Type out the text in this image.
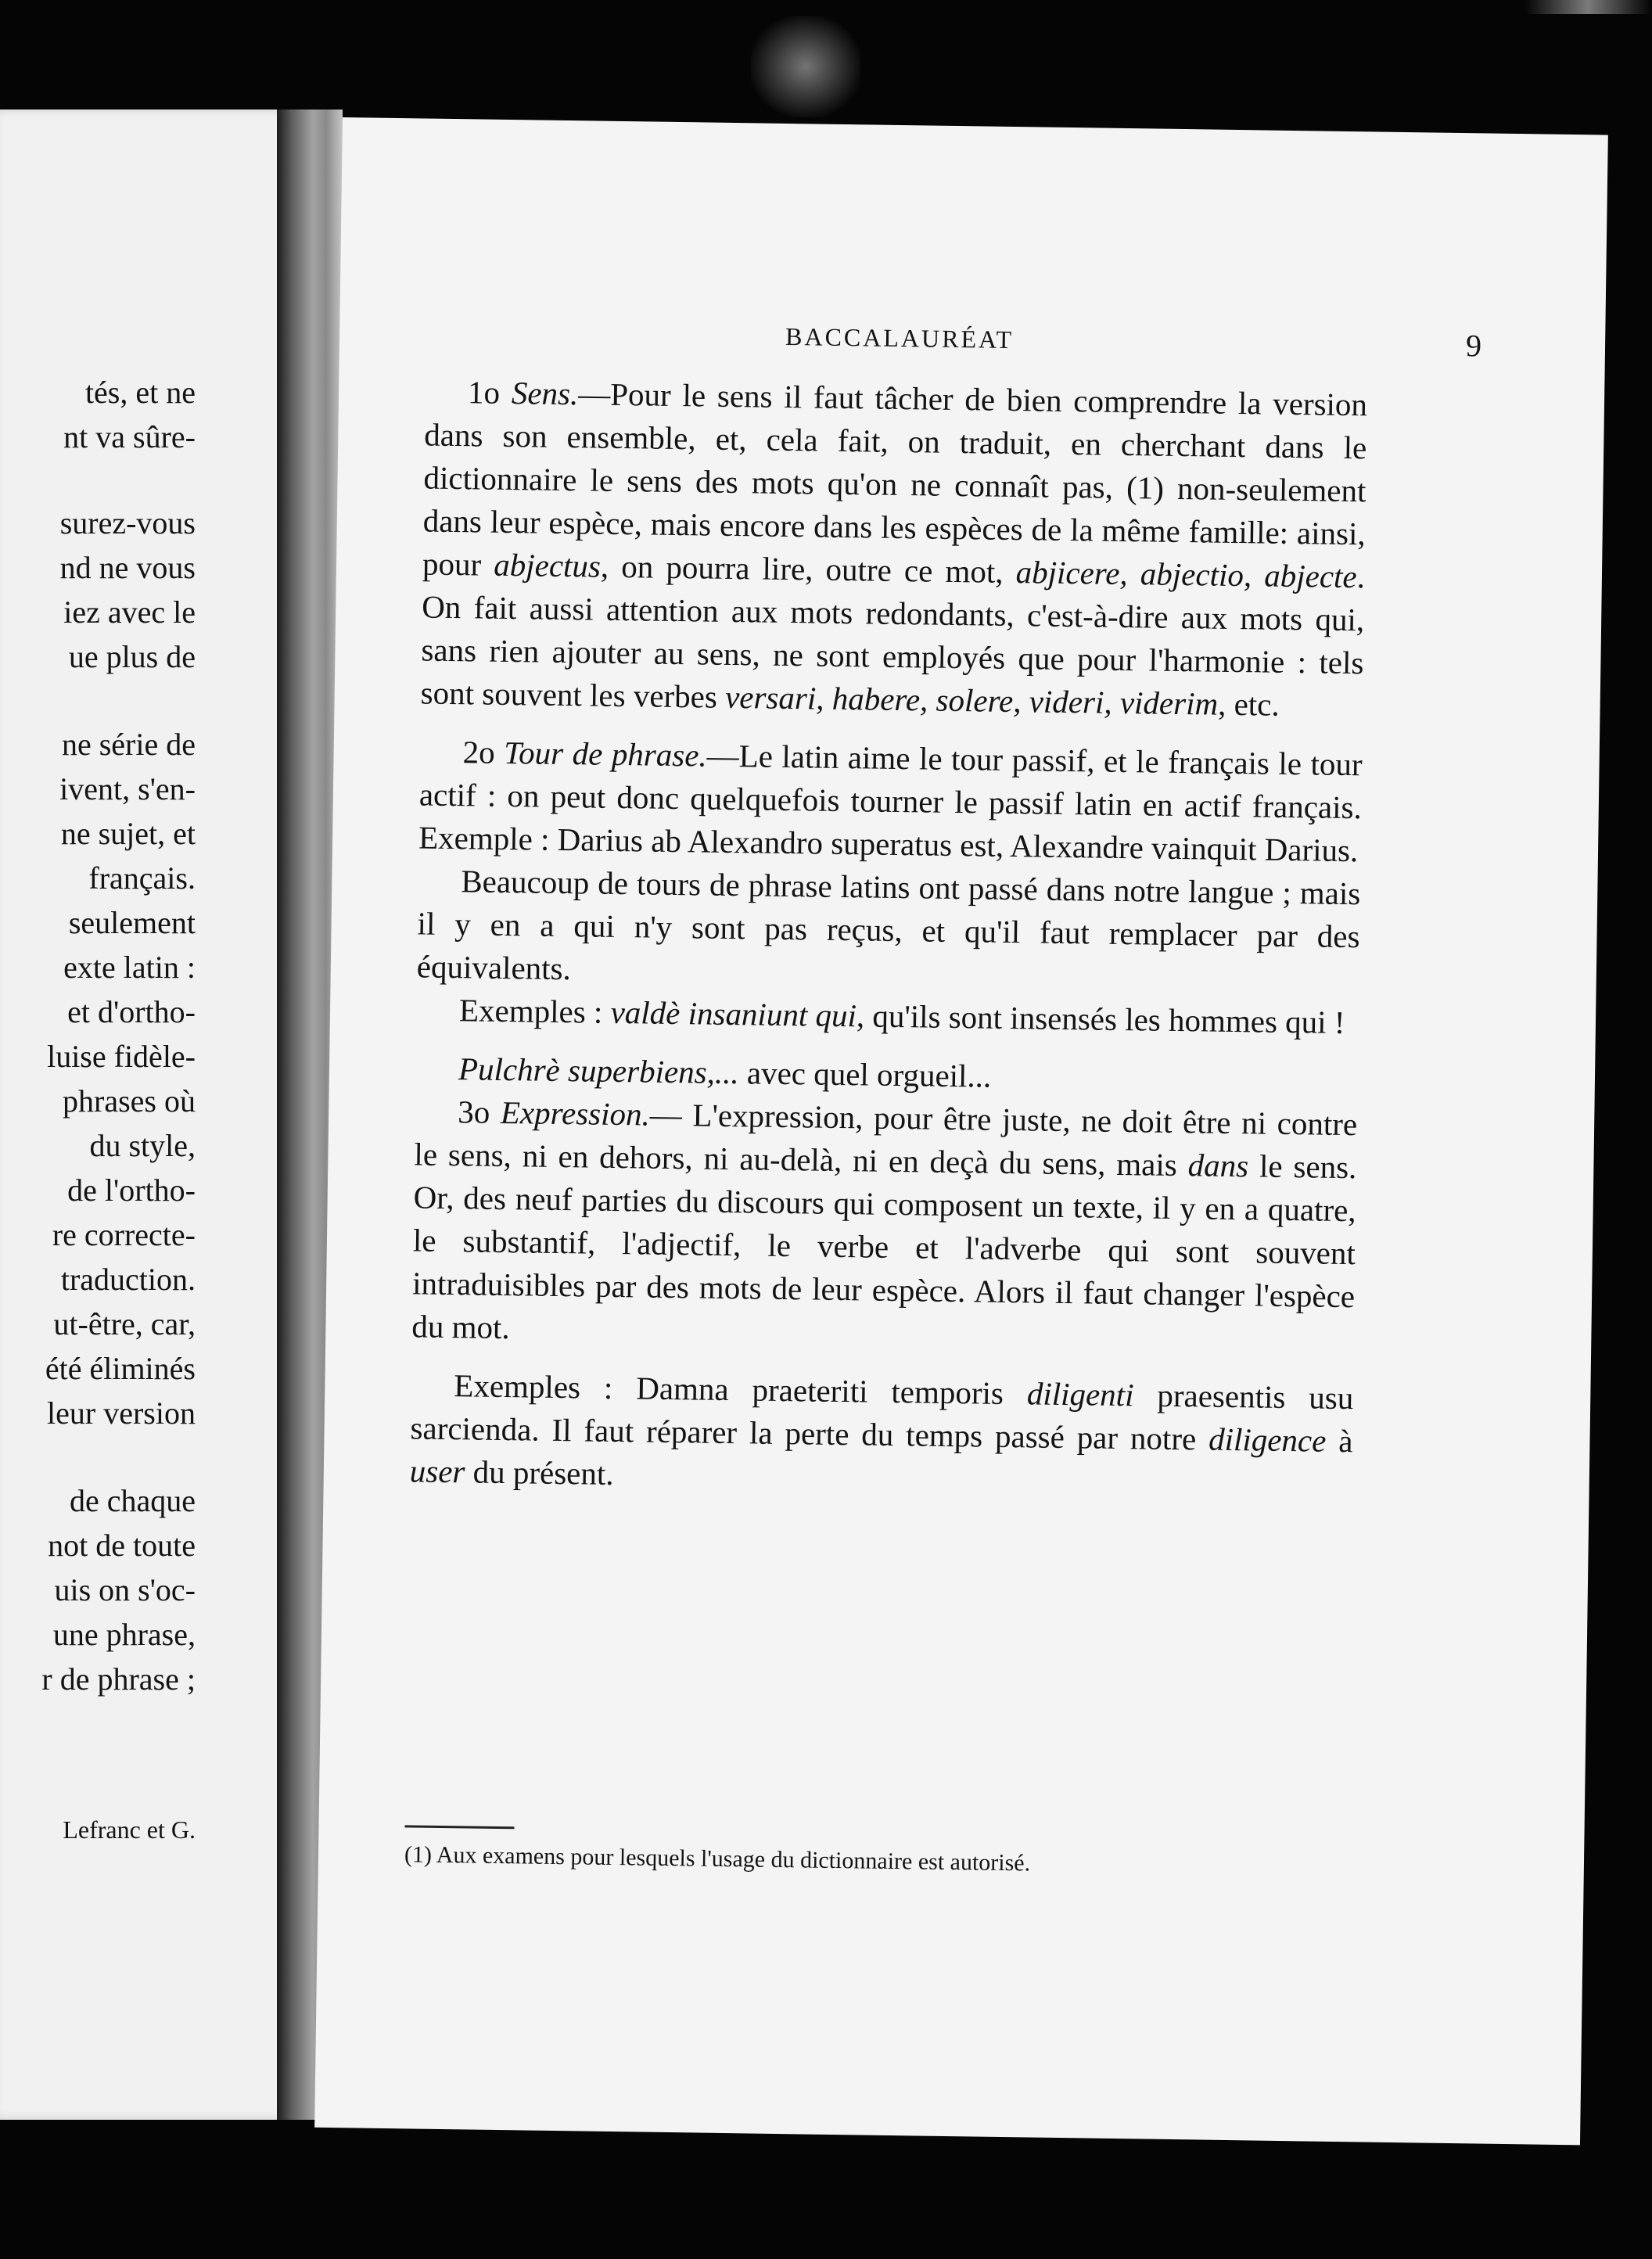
tés, et ne
nt va sûre-
surez-vous
nd ne vous
iez avec le
ue plus de
ne série de
ivent, s'en-
ne sujet, et
français.
seulement
exte latin :
et d'ortho-
luise fidèle-
phrases où
du style,
de l'ortho-
re correcte-
traduction.
ut-être, car,
été éliminés
leur version
de chaque
not de toute
uis on s'oc-
une phrase,
r de phrase ;
Lefranc et G.
BACCALAURÉAT	9

1o Sens.—Pour le sens il faut tâcher de bien comprendre la version dans son ensemble, et, cela fait, on traduit, en cherchant dans le dictionnaire le sens des mots qu'on ne connaît pas, (1) non-seulement dans leur espèce, mais encore dans les espèces de la même famille: ainsi, pour abjectus, on pourra lire, outre ce mot, abjicere, abjectio, abjecte. On fait aussi attention aux mots redondants, c'est-à-dire aux mots qui, sans rien ajouter au sens, ne sont employés que pour l'harmonie : tels sont souvent les verbes versari, habere, solere, videri, viderim, etc.

2o Tour de phrase.—Le latin aime le tour passif, et le français le tour actif : on peut donc quelquefois tourner le passif latin en actif français. Exemple : Darius ab Alexandro superatus est, Alexandre vainquit Darius.

Beaucoup de tours de phrase latins ont passé dans notre langue ; mais il y en a qui n'y sont pas reçus, et qu'il faut remplacer par des équivalents.

Exemples : valdè insaniunt qui, qu'ils sont insensés les hommes qui !

Pulchrè superbiens,... avec quel orgueil...

3o Expression.— L'expression, pour être juste, ne doit être ni contre le sens, ni en dehors, ni au-delà, ni en deçà du sens, mais dans le sens. Or, des neuf parties du discours qui composent un texte, il y en a quatre, le substantif, l'adjectif, le verbe et l'adverbe qui sont souvent intraduisibles par des mots de leur espèce. Alors il faut changer l'espèce du mot.

Exemples : Damna praeteriti temporis diligenti praesentis usu sarcienda. Il faut réparer la perte du temps passé par notre diligence à user du présent.

(1) Aux examens pour lesquels l'usage du dictionnaire est autorisé.
